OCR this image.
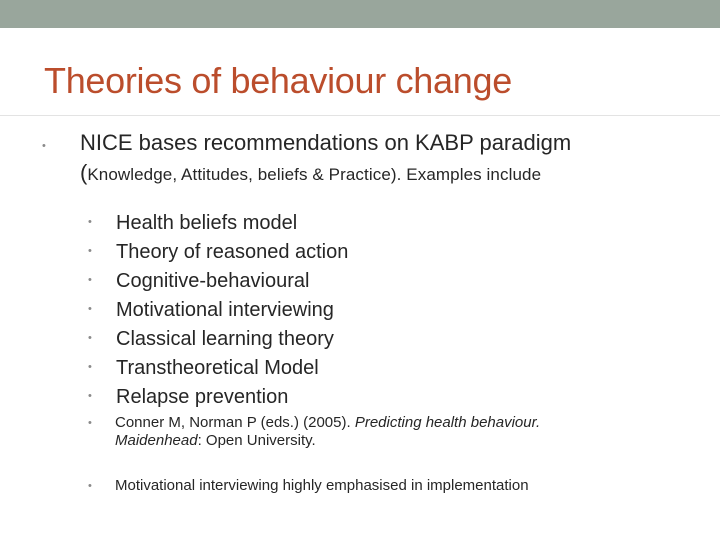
Theories of behaviour change
• NICE bases recommendations on KABP paradigm
(Knowledge, Attitudes, beliefs & Practice). Examples include
• Health beliefs model
• Theory of reasoned action
• Cognitive-behavioural
• Motivational interviewing
• Classical learning theory
• Transtheoretical Model
• Relapse prevention
• Conner M, Norman P (eds.) (2005). Predicting health behaviour.
Maidenhead: Open University.
• Motivational interviewing highly emphasised in implementation
